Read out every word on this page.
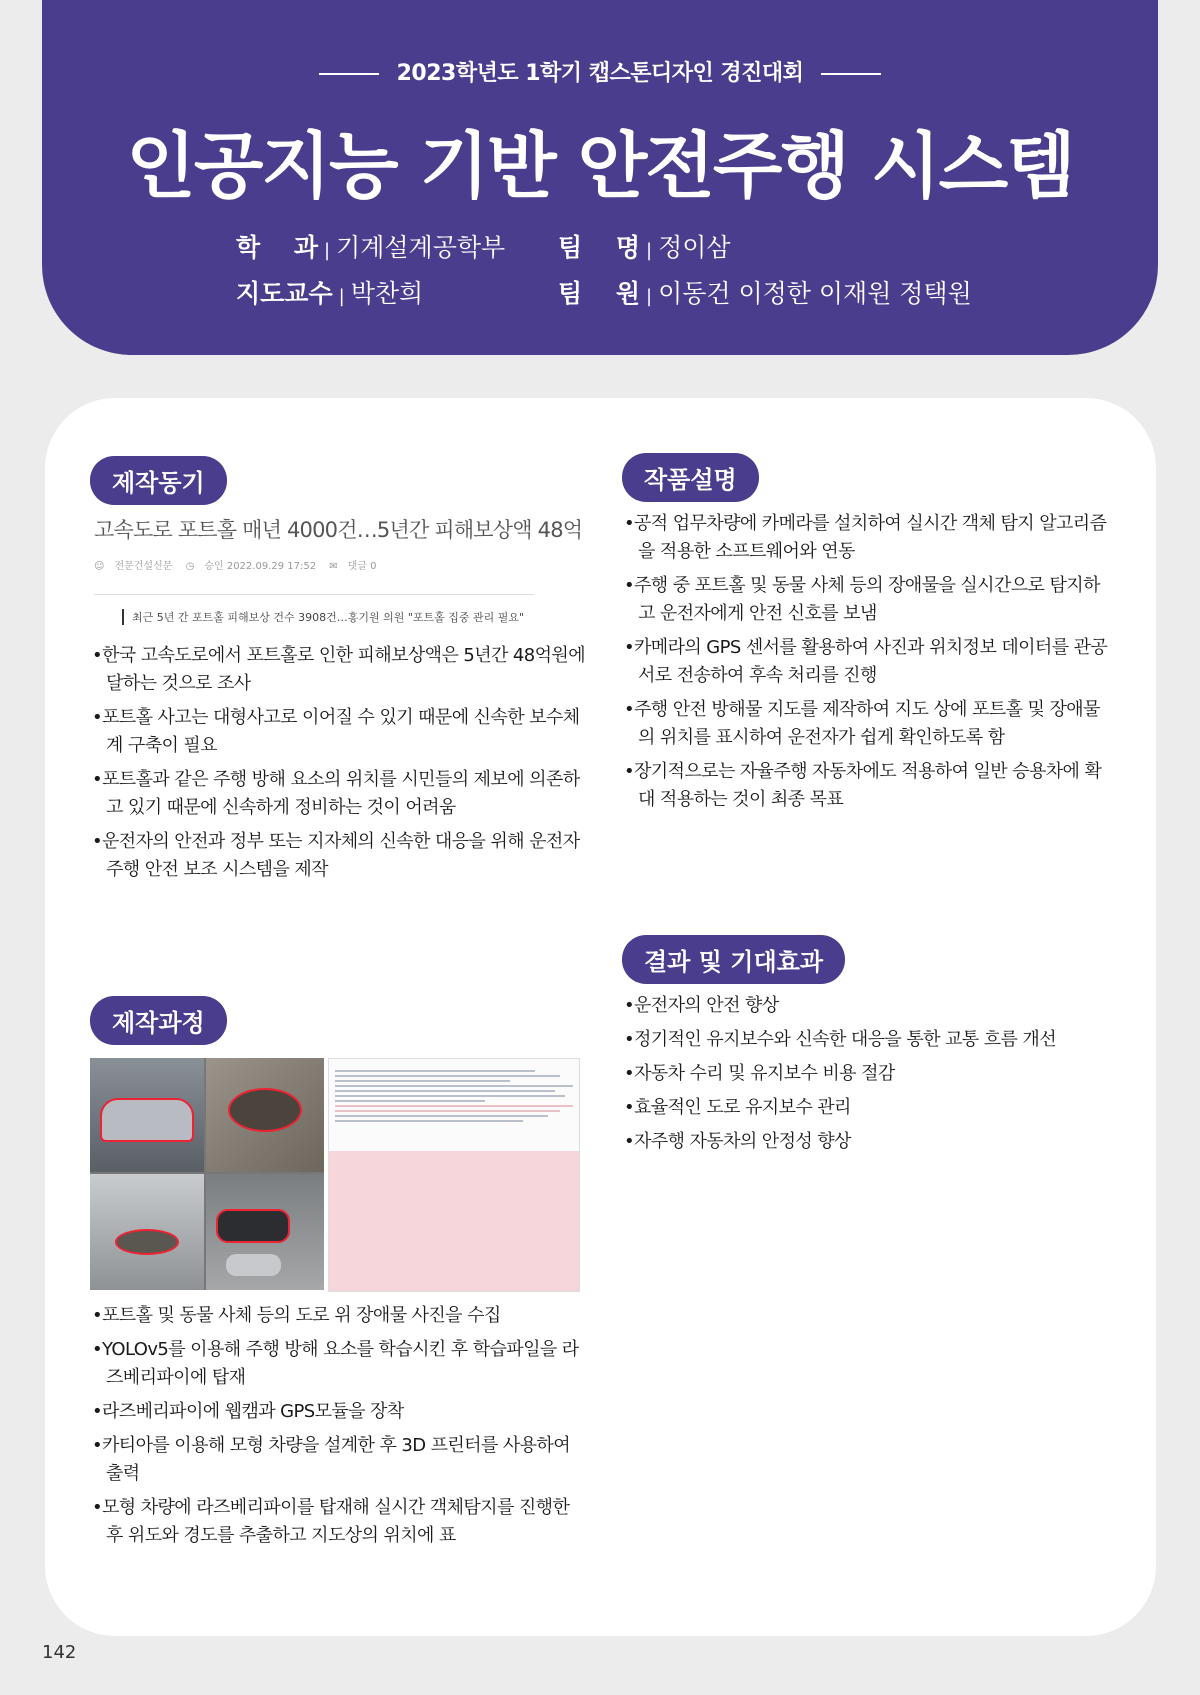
2023학년도 1학기 캡스톤디자인 경진대회
인공지능 기반 안전주행 시스템
학　 과 | 기계설계공학부
지도교수 | 박찬희
팀　 명 | 정이삼
팀　 원 | 이동건 이정한 이재원 정택원
제작동기
고속도로 포트홀 매년 4000건…5년간 피해보상액 48억
☺ 전문건설신문 ◷ 승인 2022.09.29 17:52 ✉ 댓글 0
최근 5년 간 포트홀 피해보상 건수 3908건…홍기원 의원 "포트홀 집중 관리 필요"
•한국 고속도로에서 포트홀로 인한 피해보상액은 5년간 48억원에 달하는 것으로 조사
•포트홀 사고는 대형사고로 이어질 수 있기 때문에 신속한 보수체계 구축이 필요
•포트홀과 같은 주행 방해 요소의 위치를 시민들의 제보에 의존하고 있기 때문에 신속하게 정비하는 것이 어려움
•운전자의 안전과 정부 또는 지자체의 신속한 대응을 위해 운전자 주행 안전 보조 시스템을 제작
제작과정
•포트홀 및 동물 사체 등의 도로 위 장애물 사진을 수집
•YOLOv5를 이용해 주행 방해 요소를 학습시킨 후 학습파일을 라즈베리파이에 탑재
•라즈베리파이에 웹캠과 GPS모듈을 장착
•카티아를 이용해 모형 차량을 설계한 후 3D 프린터를 사용하여 출력
•모형 차량에 라즈베리파이를 탑재해 실시간 객체탐지를 진행한 후 위도와 경도를 추출하고 지도상의 위치에 표
작품설명
•공적 업무차량에 카메라를 설치하여 실시간 객체 탐지 알고리즘을 적용한 소프트웨어와 연동
•주행 중 포트홀 및 동물 사체 등의 장애물을 실시간으로 탐지하고 운전자에게 안전 신호를 보냄
•카메라의 GPS 센서를 활용하여 사진과 위치정보 데이터를 관공서로 전송하여 후속 처리를 진행
•주행 안전 방해물 지도를 제작하여 지도 상에 포트홀 및 장애물의 위치를 표시하여 운전자가 쉽게 확인하도록 함
•장기적으로는 자율주행 자동차에도 적용하여 일반 승용차에 확대 적용하는 것이 최종 목표
결과 및 기대효과
•운전자의 안전 향상
•정기적인 유지보수와 신속한 대응을 통한 교통 흐름 개선
•자동차 수리 및 유지보수 비용 절감
•효율적인 도로 유지보수 관리
•자주행 자동차의 안정성 향상
142
